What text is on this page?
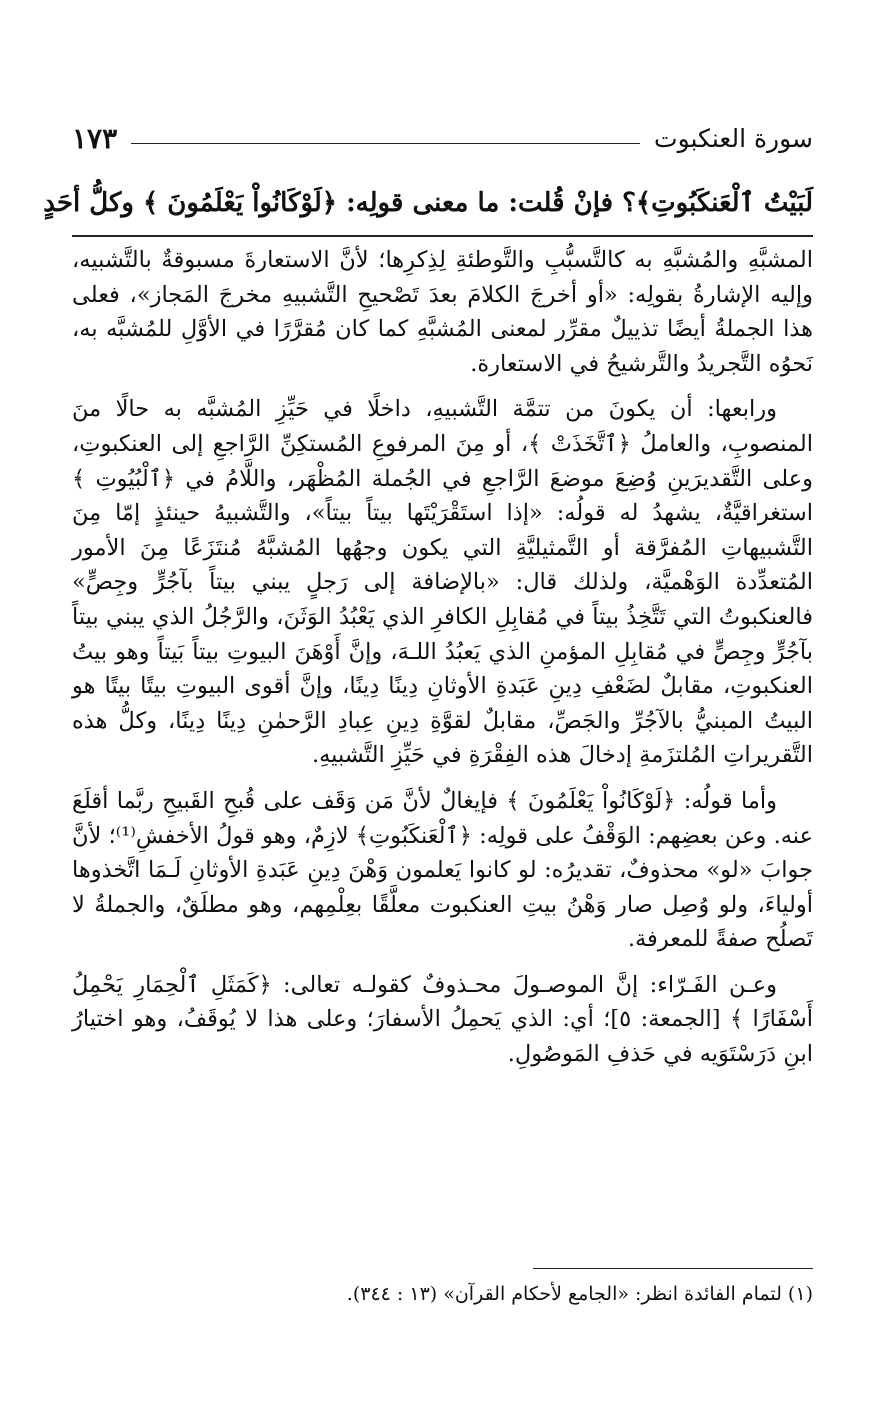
سورة العنكبوت
١٧٣
لَبَيْتُ ٱلْعَنكَبُوتِ﴾؟ فإنْ قُلت: ما معنى قولِه: ﴿لَوْكَانُواْ يَعْلَمُونَ ﴾ وكلُّ أحَدٍ

المشبَّهِ والمُشبَّهِ به كالتَّسبُّبِ والتَّوطئةِ لِذِكرِها؛ لأنَّ الاستعارةَ مسبوقةٌ بالتَّشبيه، وإليه الإشارةُ بقولِه: «أو أخرجَ الكلامَ بعدَ تَصْحيحِ التَّشبيهِ مخرجَ المَجاز»، فعلى هذا الجملةُ أيضًا تذييلٌ مقرِّر لمعنى المُشبَّهِ كما كان مُقرَّرًا في الأوَّلِ للمُشبَّه به، نَحوُه التَّجريدُ والتَّرشيحُ في الاستعارة.

ورابعها: أن يكونَ من تتمَّة التَّشبيهِ، داخلًا في حَيِّزِ المُشبَّه به حالًا منَ المنصوبِ، والعاملُ ﴿ٱتَّخَذَتْ ﴾، أو مِنَ المرفوعِ المُستكِنِّ الرَّاجعِ إلى العنكبوتِ، وعلى التَّقديرَينِ وُضِعَ موضعَ الرَّاجعِ في الجُملة المُظْهَر، واللَّامُ في ﴿ٱلْبُيُوتِ ﴾ استغراقيَّةٌ، يشهدُ له قولُه: «إذا استَقْرَيْتَها بيتاً بيتاً»، والتَّشبيهُ حينئذٍ إمّا مِنَ التَّشبيهاتِ المُفرَّقة أو التَّمثيليَّةِ التي يكون وجهُها المُشبَّهُ مُنتَزَعًا مِنَ الأمور المُتعدِّدة الوَهْميَّة، ولذلك قال: «بالإضافة إلى رَجلٍ يبني بيتاً بآجُرٍّ وجِصٍّ» فالعنكبوتُ التي تَتَّخِذُ بيتاً في مُقابِلِ الكافرِ الذي يَعْبُدُ الوَثَنَ، والرَّجُلُ الذي يبني بيتاً بآجُرٍّ وجِصٍّ في مُقابِلِ المؤمنِ الذي يَعبُدُ اللـهَ، وإنَّ أَوْهَنَ البيوتِ بيتاً بَيتاً وهو بيتُ العنكبوتِ، مقابلٌ لضَعْفِ دِينِ عَبَدةِ الأوثانِ دِينًا دِينًا، وإنَّ أقوى البيوتِ بيتًا بيتًا هو البيتُ المبنيُّ بالآجُرِّ والجَصِّ، مقابلٌ لقوَّةِ دِينِ عِبادِ الرَّحمٰنِ دِينًا دِينًا، وكلُّ هذه التَّقريراتِ المُلتزَمةِ إدخالَ هذه الفِقْرَةِ في حَيِّزِ التَّشبيهِ.

وأما قولُه: ﴿لَوْكَانُواْ يَعْلَمُونَ ﴾ فإيغالٌ لأنَّ مَن وَقَف على قُبحِ القَبيحِ ربَّما أقلَعَ عنه. وعن بعضِهم: الوَقْفُ على قولِه: ﴿ٱلْعَنكَبُوتِ﴾ لازِمٌ، وهو قولُ الأخفشِ⁽¹⁾؛ لأنَّ جوابَ «لو» محذوفٌ، تقديرُه: لو كانوا يَعلمون وَهْنَ دِينِ عَبَدةِ الأوثانِ لَـمَا اتَّخذوها أولياءَ، ولو وُصِل صار وَهْنُ بيتِ العنكبوت معلَّقًا بعِلْمِهم، وهو مطلَقٌ، والجملةُ لا تَصلُح صفةً للمعرفة.

وعـن الفَـرّاء: إنَّ الموصـولَ محـذوفٌ كقولـه تعالى: ﴿كَمَثَلِ ٱلْحِمَارِ يَحْمِلُ أَسْفَارًا ﴾ [الجمعة: ٥]؛ أي: الذي يَحمِلُ الأسفارَ؛ وعلى هذا لا يُوقَفُ، وهو اختيارُ ابنِ دَرَسْتَوَيه في حَذفِ المَوصُولِ.

(١) لتمام الفائدة انظر: «الجامع لأحكام القرآن» (١٣ : ٣٤٤).
